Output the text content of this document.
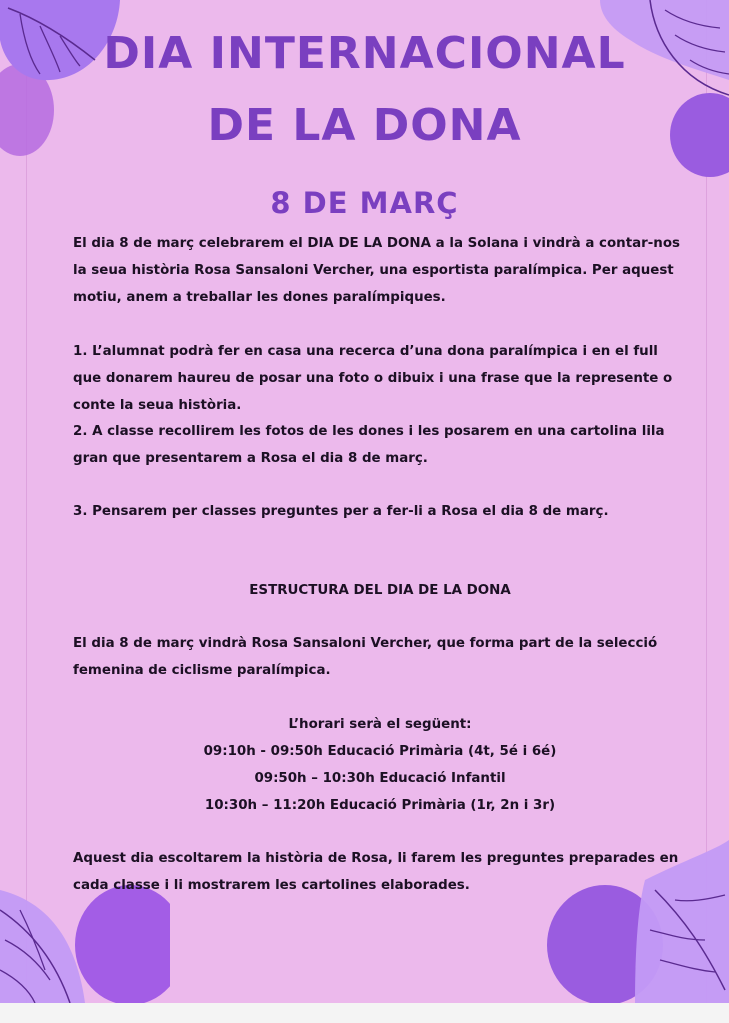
DIA INTERNACIONAL
DE LA DONA
8 DE MARÇ

El dia 8 de març celebrarem el DIA DE LA DONA a la Solana i vindrà a contar-nos la seua història Rosa Sansaloni Vercher, una esportista paralímpica. Per aquest motiu, anem a treballar les dones paralímpiques.

1. L’alumnat podrà fer en casa una recerca d’una dona paralímpica i en el full que donarem haureu de posar una foto o dibuix i una frase que la represente o conte la seua història.

2. A classe recollirem les fotos de les dones i les posarem en una cartolina lila gran que presentarem a Rosa el dia 8 de març.

3. Pensarem per classes preguntes per a fer-li a Rosa el dia 8 de març.

ESTRUCTURA DEL DIA DE LA DONA

El dia 8 de març vindrà Rosa Sansaloni Vercher, que forma part de la selecció femenina de ciclisme paralímpica.

L’horari serà el següent:

09:10h - 09:50h Educació Primària (4t, 5é i 6é)

09:50h – 10:30h Educació Infantil

10:30h – 11:20h Educació Primària (1r, 2n i 3r)

Aquest dia escoltarem la història de Rosa, li farem les preguntes preparades en cada classe i li mostrarem les cartolines elaborades.
